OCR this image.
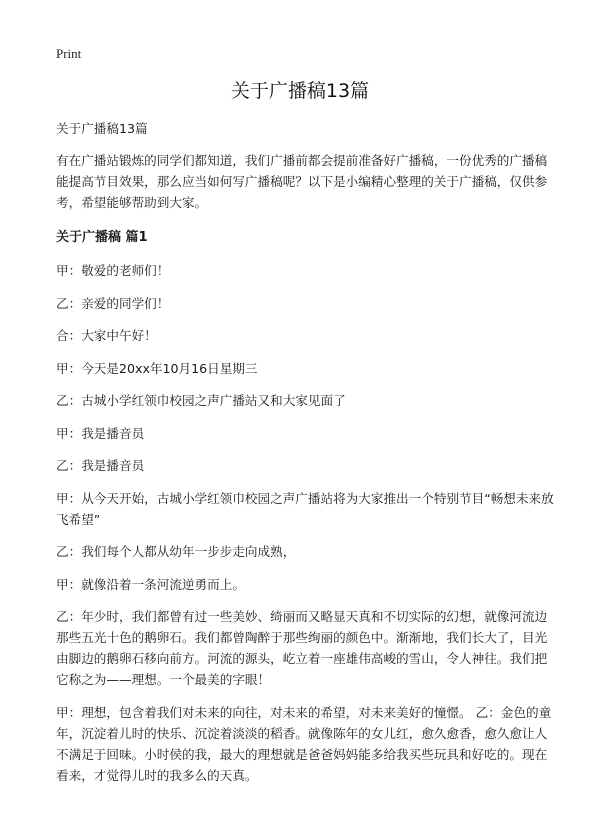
Print
关于广播稿13篇

关于广播稿13篇

有在广播站锻炼的同学们都知道，我们广播前都会提前准备好广播稿，一份优秀的广播稿能提高节目效果，那么应当如何写广播稿呢？以下是小编精心整理的关于广播稿，仅供参考，希望能够帮助到大家。

关于广播稿 篇1

甲：敬爱的老师们！

乙：亲爱的同学们！

合：大家中午好！

甲：今天是20xx年10月16日星期三

乙：古城小学红领巾校园之声广播站又和大家见面了

甲：我是播音员

乙：我是播音员

甲：从今天开始，古城小学红领巾校园之声广播站将为大家推出一个特别节目“畅想未来放飞希望”

乙：我们每个人都从幼年一步步走向成熟，

甲：就像沿着一条河流逆勇而上。

乙：年少时，我们都曾有过一些美妙、绮丽而又略显天真和不切实际的幻想，就像河流边那些五光十色的鹅卵石。我们都曾陶醉于那些绚丽的颜色中。渐渐地，我们长大了，目光由脚边的鹅卵石移向前方。河流的源头，屹立着一座雄伟高峻的雪山，令人神往。我们把它称之为——理想。一个最美的字眼！

甲：理想，包含着我们对未来的向往，对未来的希望，对未来美好的憧憬。 乙：金色的童年，沉淀着儿时的快乐、沉淀着淡淡的稻香。就像陈年的女儿红，愈久愈香，愈久愈让人不满足于回味。小时侯的我，最大的理想就是爸爸妈妈能多给我买些玩具和好吃的。现在看来，才觉得儿时的我多么的天真。
